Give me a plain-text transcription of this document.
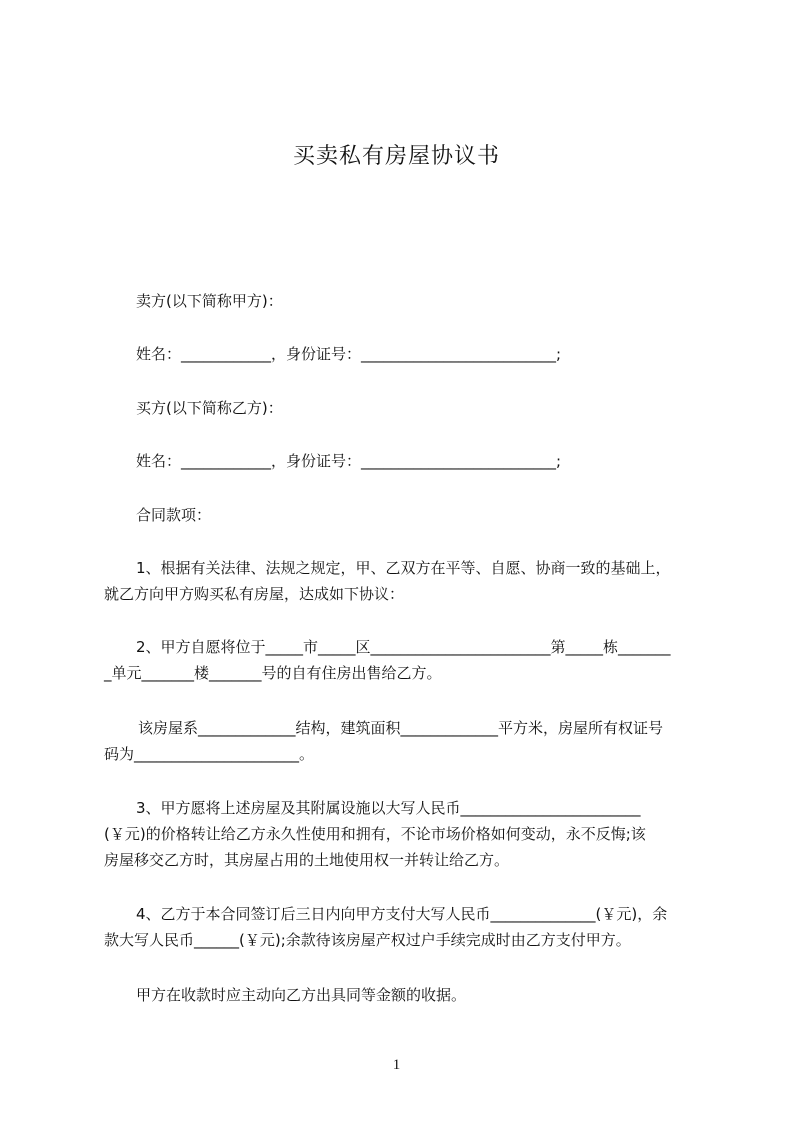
买卖私有房屋协议书
卖方(以下简称甲方)：
姓名：____________，身份证号：__________________________;
买方(以下简称乙方)：
姓名：____________，身份证号：__________________________;
合同款项：
1、根据有关法律、法规之规定，甲、乙双方在平等、自愿、协商一致的基础上，
就乙方向甲方购买私有房屋，达成如下协议：
2、甲方自愿将位于_____市_____区________________________第_____栋_______
_单元_______楼_______号的自有住房出售给乙方。
该房屋系_____________结构，建筑面积_____________平方米，房屋所有权证号
码为______________________。
3、甲方愿将上述房屋及其附属设施以大写人民币________________________
(￥元)的价格转让给乙方永久性使用和拥有，不论市场价格如何变动，永不反悔;该
房屋移交乙方时，其房屋占用的土地使用权一并转让给乙方。
4、乙方于本合同签订后三日内向甲方支付大写人民币______________(￥元)，余
款大写人民币______(￥元);余款待该房屋产权过户手续完成时由乙方支付甲方。
甲方在收款时应主动向乙方出具同等金额的收据。
1
